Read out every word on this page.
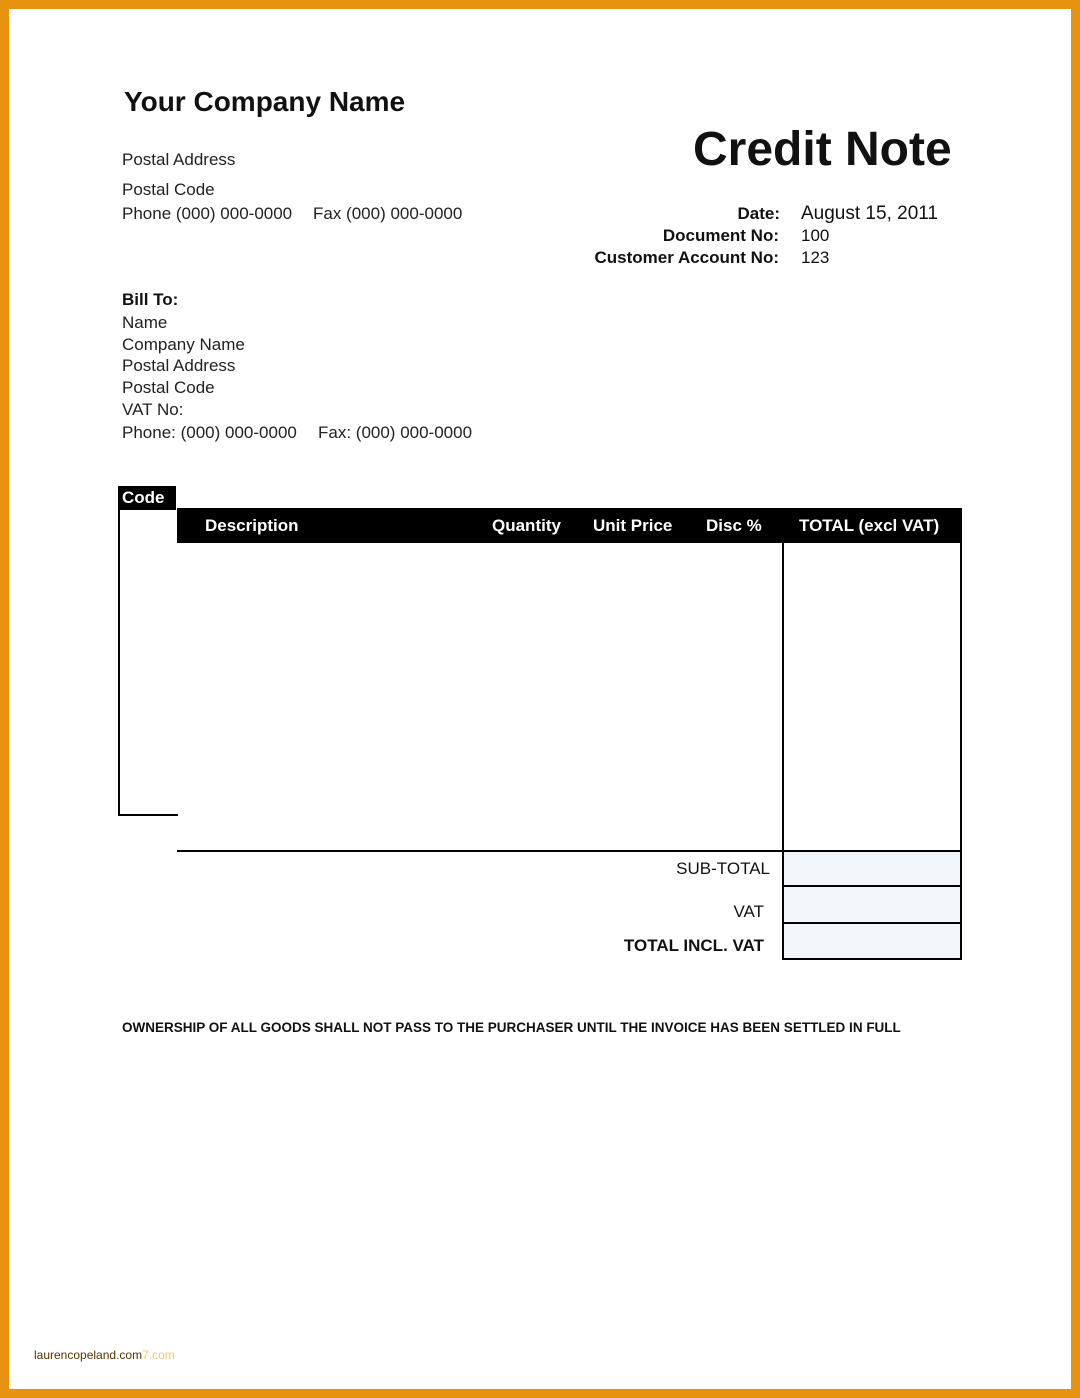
Your Company Name
Postal Address
Postal Code
Phone (000) 000-0000 Fax (000) 000-0000
Credit Note
Date: August 15, 2011
Document No: 100
Customer Account No: 123
Bill To:
Name
Company Name
Postal Address
Postal Code
VAT No:
Phone: (000) 000-0000 Fax: (000) 000-0000
Code
Description	Quantity Unit Price Disc % TOTAL (excl VAT)
SUB-TOTAL
VAT
TOTAL INCL. VAT
OWNERSHIP OF ALL GOODS SHALL NOT PASS TO THE PURCHASER UNTIL THE INVOICE HAS BEEN SETTLED IN FULL
laurencopeland.com7.com
